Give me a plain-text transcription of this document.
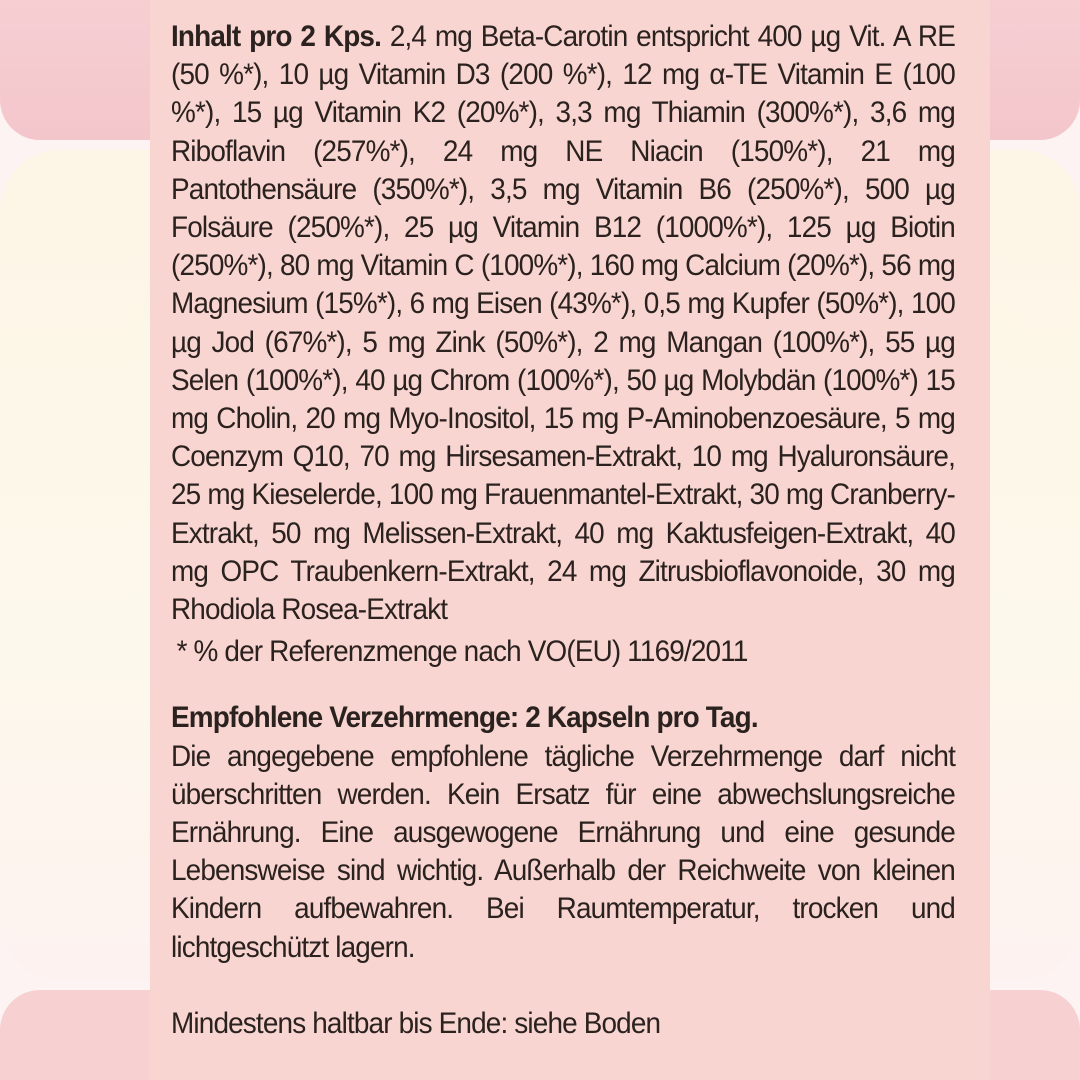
Inhalt pro 2 Kps. 2,4 mg Beta-Carotin entspricht 400 µg Vit. A RE (50 %*), 10 µg Vitamin D3 (200 %*), 12 mg α-TE Vitamin E (100 %*), 15 µg Vitamin K2 (20%*), 3,3 mg Thiamin (300%*), 3,6 mg Riboflavin (257%*), 24 mg NE Niacin (150%*), 21 mg Pantothensäure (350%*), 3,5 mg Vitamin B6 (250%*), 500 µg Folsäure (250%*), 25 µg Vitamin B12 (1000%*), 125 µg Biotin (250%*), 80 mg Vitamin C (100%*), 160 mg Calcium (20%*), 56 mg Magnesium (15%*), 6 mg Eisen (43%*), 0,5 mg Kupfer (50%*), 100 µg Jod (67%*), 5 mg Zink (50%*), 2 mg Mangan (100%*), 55 µg Selen (100%*), 40 µg Chrom (100%*), 50 µg Molybdän (100%*) 15 mg Cholin, 20 mg Myo-Inositol, 15 mg P-Aminobenzoesäure, 5 mg Coenzym Q10, 70 mg Hirsesamen-Extrakt, 10 mg Hyaluronsäure, 25 mg Kieselerde, 100 mg Frauenmantel-Extrakt, 30 mg Cranberry-Extrakt, 50 mg Melissen-Extrakt, 40 mg Kaktusfeigen-Extrakt, 40 mg OPC Traubenkern-Extrakt, 24 mg Zitrusbioflavonoide, 30 mg Rhodiola Rosea-Extrakt

* % der Referenzmenge nach VO(EU) 1169/2011

Empfohlene Verzehrmenge: 2 Kapseln pro Tag.

Die angegebene empfohlene tägliche Verzehrmenge darf nicht überschritten werden. Kein Ersatz für eine abwechslungsreiche Ernährung. Eine ausgewogene Ernährung und eine gesunde Lebensweise sind wichtig. Außerhalb der Reichweite von kleinen Kindern aufbewahren. Bei Raumtemperatur, trocken und lichtgeschützt lagern.

Mindestens haltbar bis Ende: siehe Boden
